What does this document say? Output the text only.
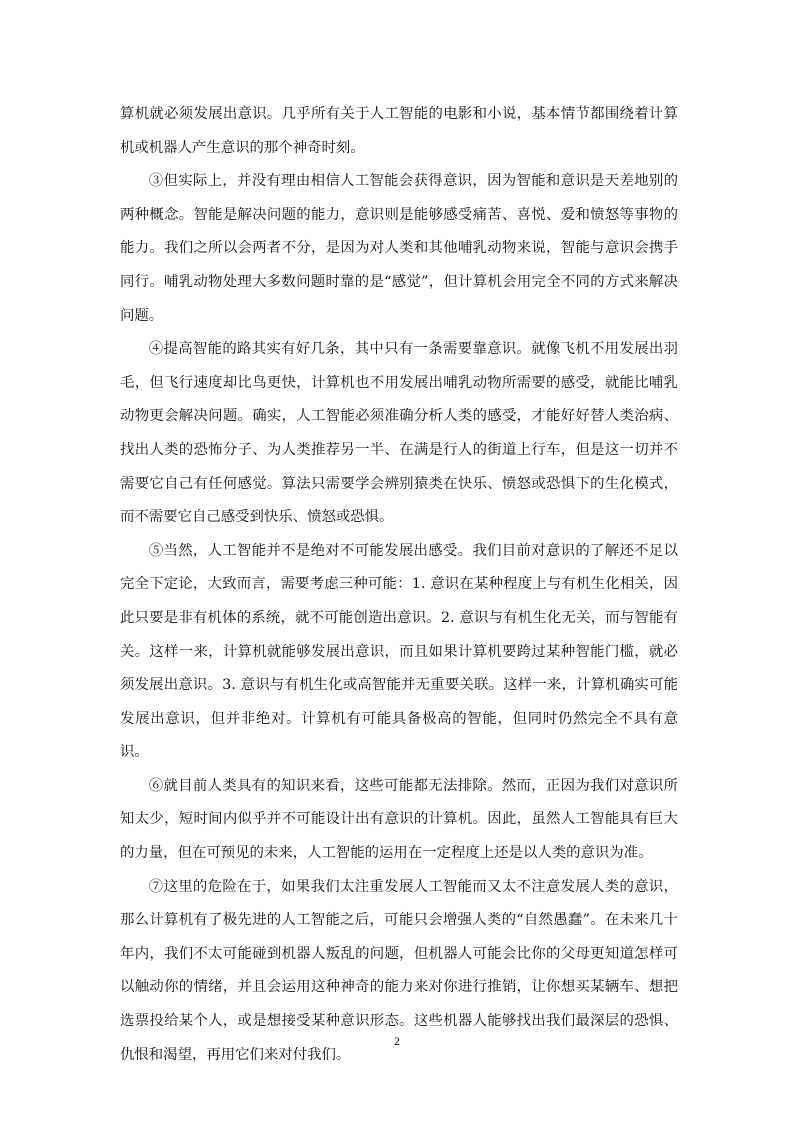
算机就必须发展出意识。几乎所有关于人工智能的电影和小说，基本情节都围绕着计算机或机器人产生意识的那个神奇时刻。

③但实际上，并没有理由相信人工智能会获得意识，因为智能和意识是天差地别的两种概念。智能是解决问题的能力，意识则是能够感受痛苦、喜悦、爱和愤怒等事物的能力。我们之所以会两者不分，是因为对人类和其他哺乳动物来说，智能与意识会携手同行。哺乳动物处理大多数问题时靠的是“感觉”，但计算机会用完全不同的方式来解决问题。

④提高智能的路其实有好几条，其中只有一条需要靠意识。就像飞机不用发展出羽毛，但飞行速度却比鸟更快，计算机也不用发展出哺乳动物所需要的感受，就能比哺乳动物更会解决问题。确实，人工智能必须准确分析人类的感受，才能好好替人类治病、找出人类的恐怖分子、为人类推荐另一半、在满是行人的街道上行车，但是这一切并不需要它自己有任何感觉。算法只需要学会辨别猿类在快乐、愤怒或恐惧下的生化模式，而不需要它自己感受到快乐、愤怒或恐惧。

⑤当然，人工智能并不是绝对不可能发展出感受。我们目前对意识的了解还不足以完全下定论，大致而言，需要考虑三种可能：1. 意识在某种程度上与有机生化相关，因此只要是非有机体的系统，就不可能创造出意识。2. 意识与有机生化无关，而与智能有关。这样一来，计算机就能够发展出意识，而且如果计算机要跨过某种智能门槛，就必须发展出意识。3. 意识与有机生化或高智能并无重要关联。这样一来，计算机确实可能发展出意识，但并非绝对。计算机有可能具备极高的智能，但同时仍然完全不具有意识。

⑥就目前人类具有的知识来看，这些可能都无法排除。然而，正因为我们对意识所知太少，短时间内似乎并不可能设计出有意识的计算机。因此，虽然人工智能具有巨大的力量，但在可预见的未来，人工智能的运用在一定程度上还是以人类的意识为准。

⑦这里的危险在于，如果我们太注重发展人工智能而又太不注意发展人类的意识，那么计算机有了极先进的人工智能之后，可能只会增强人类的“自然愚蠢”。在未来几十年内，我们不太可能碰到机器人叛乱的问题，但机器人可能会比你的父母更知道怎样可以触动你的情绪，并且会运用这种神奇的能力来对你进行推销，让你想买某辆车、想把选票投给某个人，或是想接受某种意识形态。这些机器人能够找出我们最深层的恐惧、仇恨和渴望，再用它们来对付我们。

2
